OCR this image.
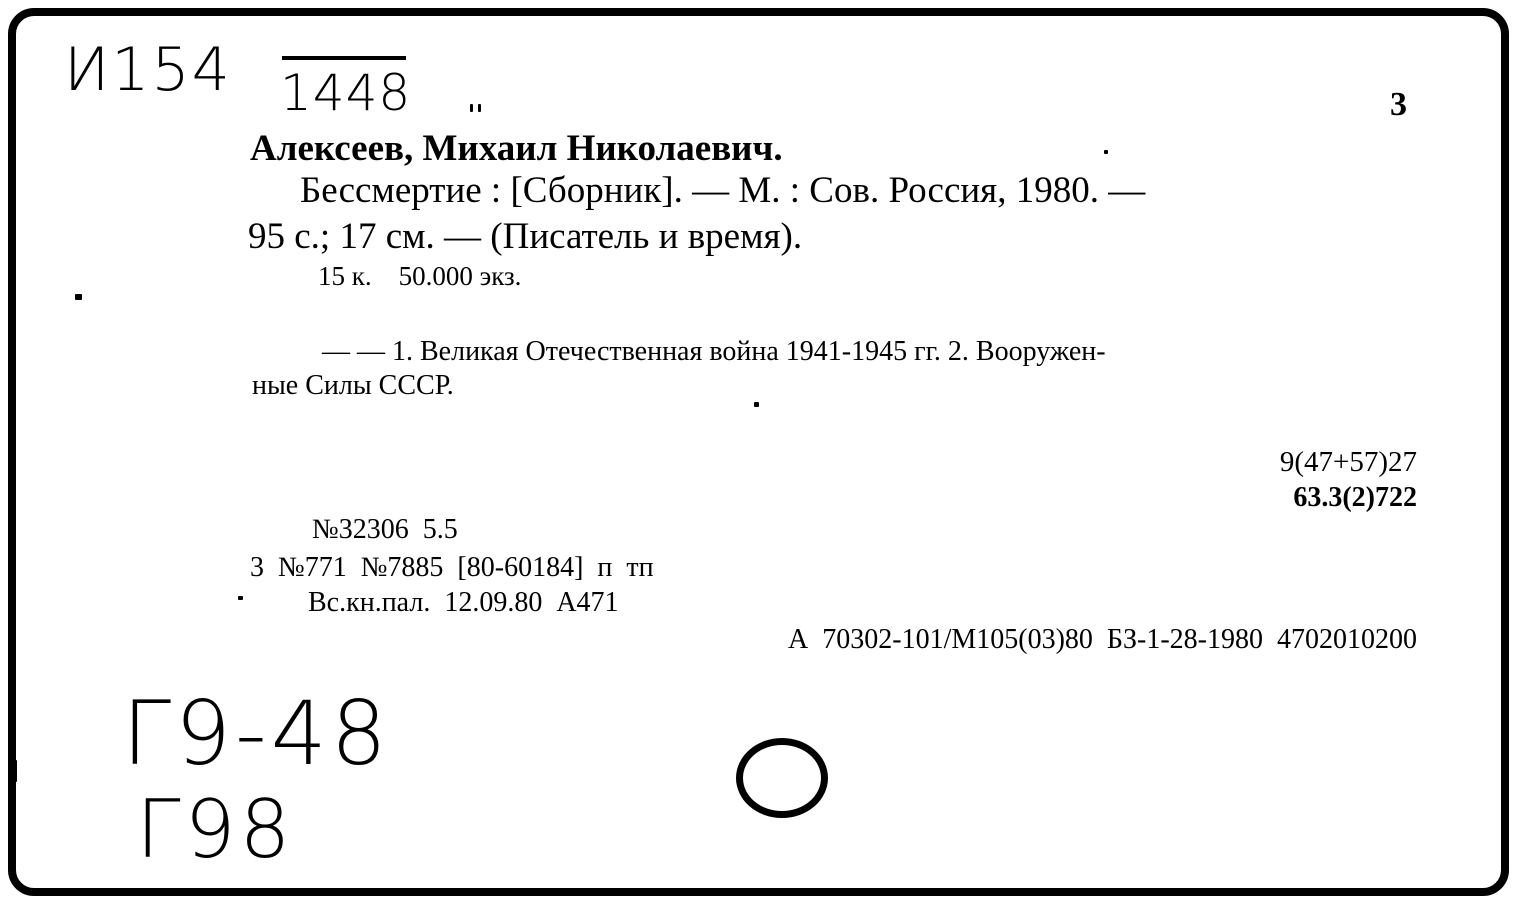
И154 1448	3
Алексеев, Михаил Николаевич.
Бессмертие : [Сборник]. — М. : Сов. Россия, 1980. —
95 с.; 17 см. — (Писатель и время).
15 к.    50.000 экз.
— — 1. Великая Отечественная война 1941-1945 гг. 2. Вооружен-
ные Силы СССР.
9(47+57)27
63.3(2)722
№32306  5.5
3  №771  №7885  [80-60184]  п  тп
Вс.кн.пал.  12.09.80  А471
А  70302-101/М105(03)80  БЗ-1-28-1980  4702010200
Г9-48
Г98
